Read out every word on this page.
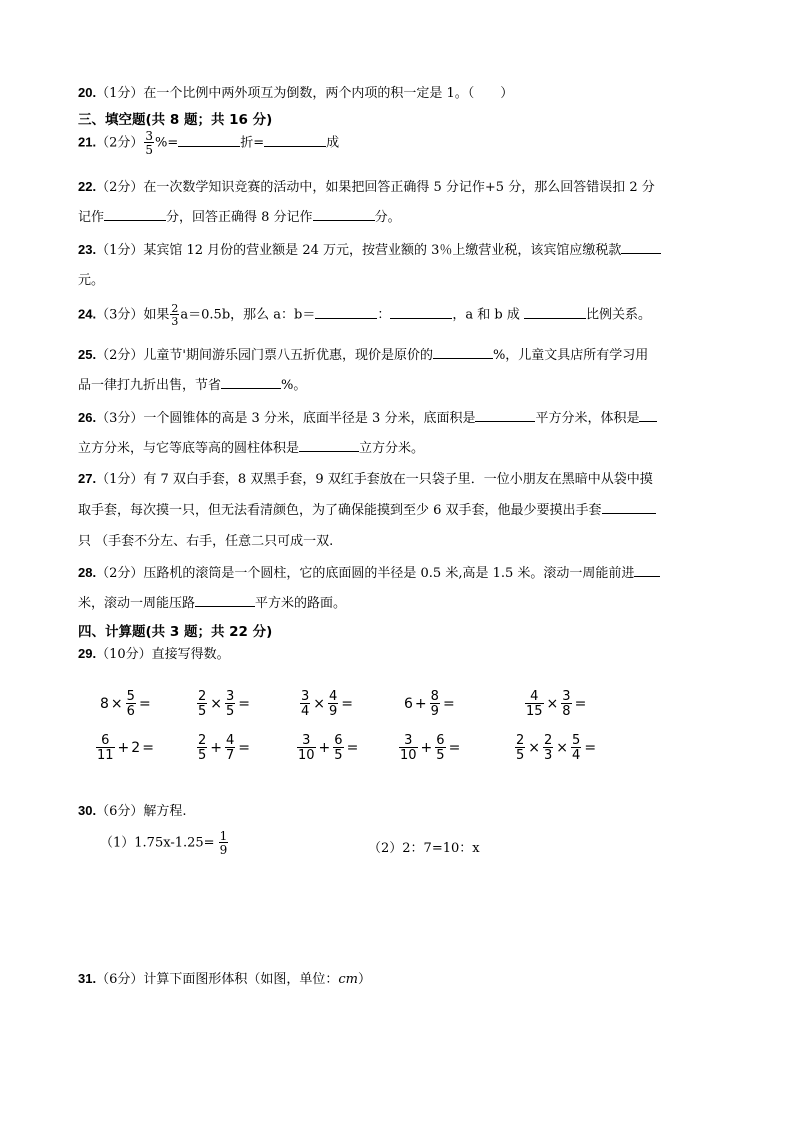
20.（1分）在一个比例中两外项互为倒数，两个内项的积一定是 1。（　　）
三、填空题(共 8 题；共 16 分)
21.（2分） $\frac{3}{5}$ %=	折=	成
22.（2分）在一次数学知识竞赛的活动中，如果把回答正确得 5 分记作+5 分，那么回答错误扣 2 分
记作	分，回答正确得 8 分记作	分。
23.（1分）某宾馆 12 月份的营业额是 24 万元，按营业额的 3％上缴营业税，该宾馆应缴税款
元。
24.（3分）如果 $\frac{2}{3} a=0.5b$，那么 a：b＝	：	，a 和 b 成	比例关系。
25.（2分）儿童节'期间游乐园门票八五折优惠，现价是原价的	%，儿童文具店所有学习用
品一律打九折出售，节省	%。
26.（3分）一个圆锥体的高是 3 分米，底面半径是 3 分米，底面积是	平方分米，体积是
立方分米，与它等底等高的圆柱体积是	立方分米。
27.（1分）有 7 双白手套，8 双黑手套，9 双红手套放在一只袋子里．一位小朋友在黑暗中从袋中摸
取手套，每次摸一只，但无法看清颜色，为了确保能摸到至少 6 双手套，他最少要摸出手套
只 （手套不分左、右手，任意二只可成一双.
28.（2分）压路机的滚筒是一个圆柱，它的底面圆的半径是 0.5 米,高是 1.5 米。滚动一周能前进
米，滚动一周能压路	平方米的路面。
四、计算题(共 3 题；共 22 分)
29.（10分）直接写得数。
$8 \times \frac{5}{6}$ =	$\frac{2}{5} \times \frac{3}{5}$ =	$\frac{3}{4} \times \frac{4}{9}$ =	$6 + \frac{8}{9}$ =	$\frac{4}{15} \times \frac{3}{8}$ =
$\frac{6}{11} + 2$ =	$\frac{2}{5} + \frac{4}{7}$ =	$\frac{3}{10} + \frac{6}{5}$ =	$\frac{3}{10} + \frac{6}{5}$ =	$\frac{2}{5} \times \frac{2}{3} \times \frac{5}{4}$ =
30.（6分）解方程.
$(1)1.75x-1.25= \frac{1}{9}$	（2）2：7=10：x
31.（6分）计算下面图形体积（如图，单位：cm）
